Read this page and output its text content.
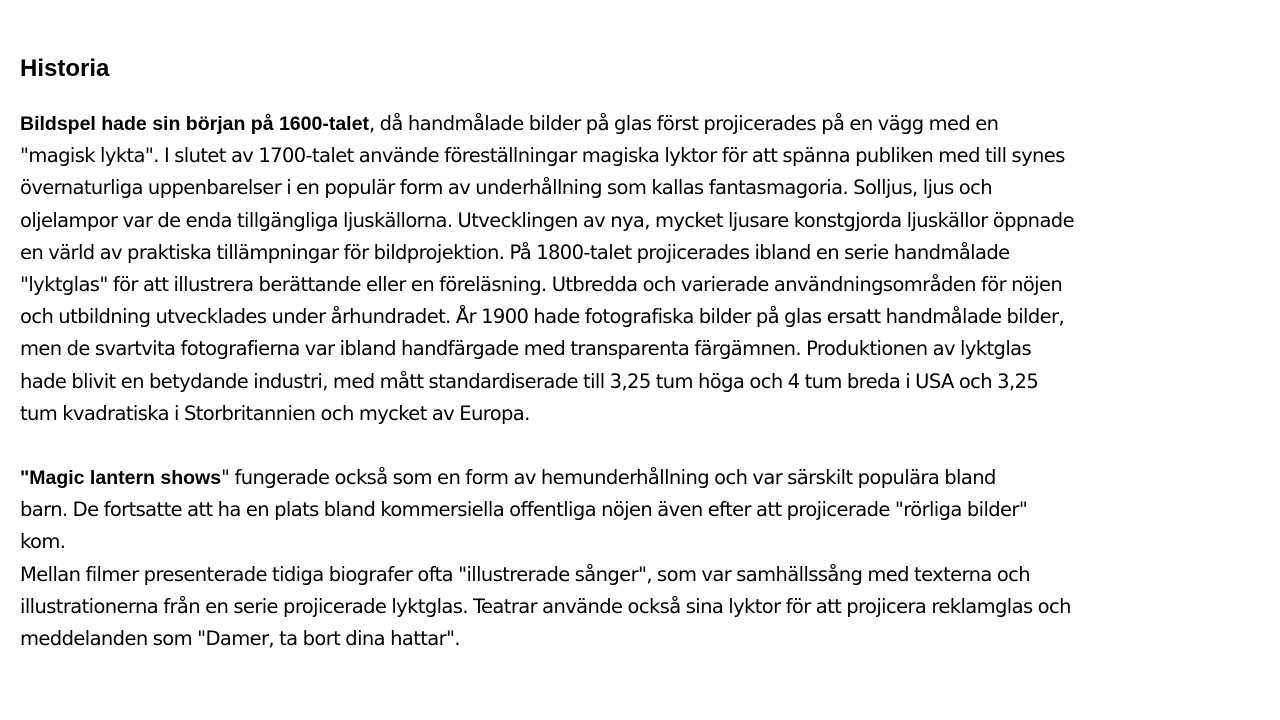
Historia
Bildspel hade sin början på 1600-talet, då handmålade bilder på glas först projicerades på en vägg med en
"magisk lykta". I slutet av 1700-talet använde föreställningar magiska lyktor för att spänna publiken med till synes
övernaturliga uppenbarelser i en populär form av underhållning som kallas fantasmagoria. Solljus, ljus och
oljelampor var de enda tillgängliga ljuskällorna. Utvecklingen av nya, mycket ljusare konstgjorda ljuskällor öppnade
en värld av praktiska tillämpningar för bildprojektion. På 1800-talet projicerades ibland en serie handmålade
"lyktglas" för att illustrera berättande eller en föreläsning. Utbredda och varierade användningsområden för nöjen
och utbildning utvecklades under århundradet. År 1900 hade fotografiska bilder på glas ersatt handmålade bilder,
men de svartvita fotografierna var ibland handfärgade med transparenta färgämnen. Produktionen av lyktglas
hade blivit en betydande industri, med mått standardiserade till 3,25 tum höga och 4 tum breda i USA och 3,25
tum kvadratiska i Storbritannien och mycket av Europa.
"Magic lantern shows" fungerade också som en form av hemunderhållning och var särskilt populära bland
barn. De fortsatte att ha en plats bland kommersiella offentliga nöjen även efter att projicerade "rörliga bilder"
kom.
Mellan filmer presenterade tidiga biografer ofta "illustrerade sånger", som var samhällssång med texterna och
illustrationerna från en serie projicerade lyktglas. Teatrar använde också sina lyktor för att projicera reklamglas och
meddelanden som "Damer, ta bort dina hattar".
